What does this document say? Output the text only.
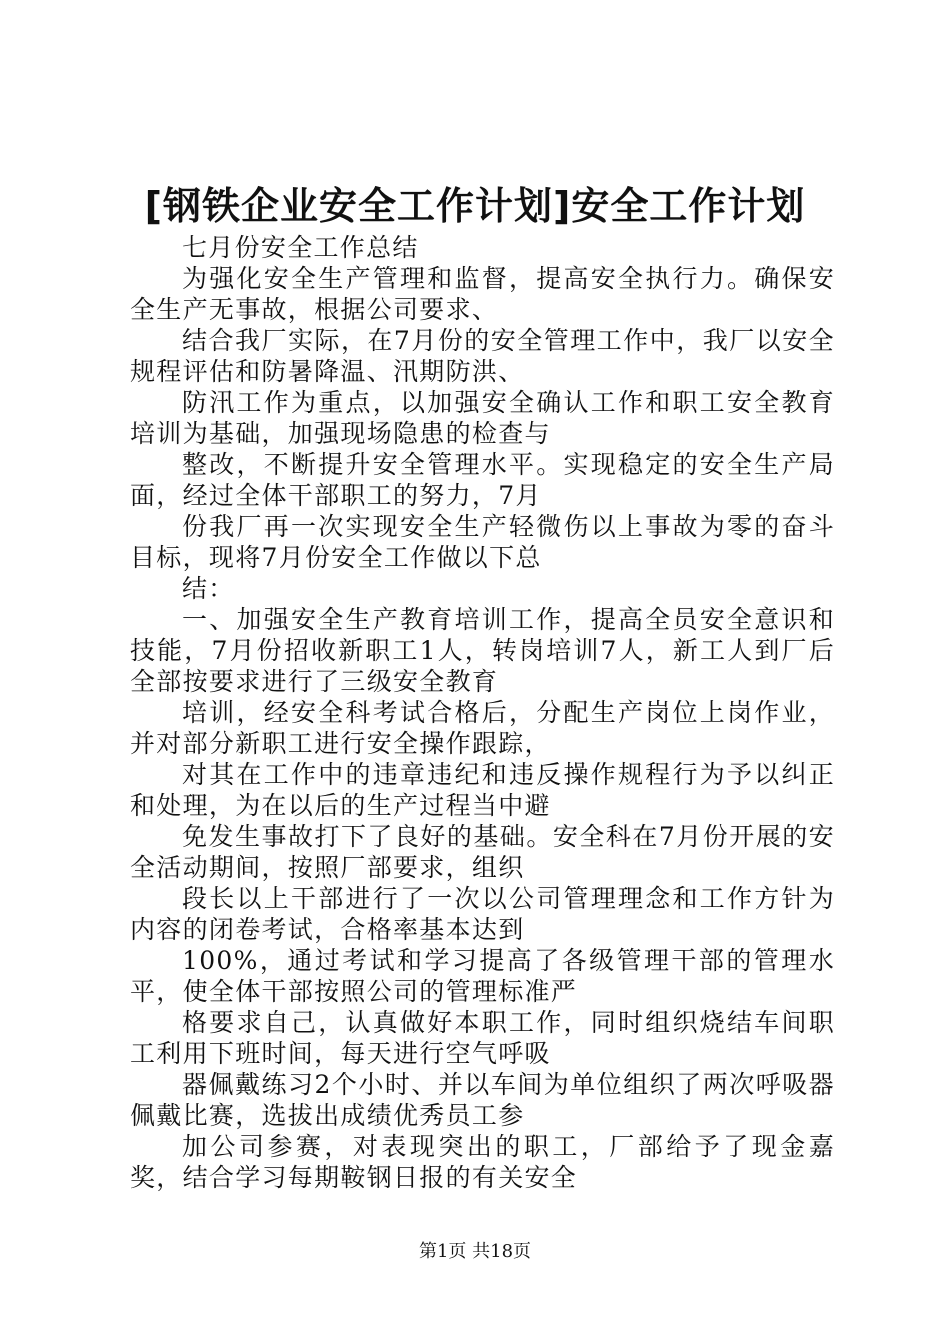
[钢铁企业安全工作计划]安全工作计划

七月份安全工作总结

为强化安全生产管理和监督，提高安全执行力。确保安全生产无事故，根据公司要求、

结合我厂实际，在7月份的安全管理工作中，我厂以安全规程评估和防暑降温、汛期防洪、

防汛工作为重点，以加强安全确认工作和职工安全教育培训为基础，加强现场隐患的检查与

整改，不断提升安全管理水平。实现稳定的安全生产局面，经过全体干部职工的努力，7月

份我厂再一次实现安全生产轻微伤以上事故为零的奋斗目标，现将7月份安全工作做以下总

结：

一、加强安全生产教育培训工作，提高全员安全意识和技能，7月份招收新职工1人，转岗培训7人，新工人到厂后全部按要求进行了三级安全教育

培训，经安全科考试合格后，分配生产岗位上岗作业，并对部分新职工进行安全操作跟踪，

对其在工作中的违章违纪和违反操作规程行为予以纠正和处理，为在以后的生产过程当中避

免发生事故打下了良好的基础。安全科在7月份开展的安全活动期间，按照厂部要求，组织

段长以上干部进行了一次以公司管理理念和工作方针为内容的闭卷考试，合格率基本达到

100%，通过考试和学习提高了各级管理干部的管理水平，使全体干部按照公司的管理标准严

格要求自己，认真做好本职工作，同时组织烧结车间职工利用下班时间，每天进行空气呼吸

器佩戴练习2个小时、并以车间为单位组织了两次呼吸器佩戴比赛，选拔出成绩优秀员工参

加公司参赛，对表现突出的职工，厂部给予了现金嘉奖，结合学习每期鞍钢日报的有关安全

第1页 共18页
